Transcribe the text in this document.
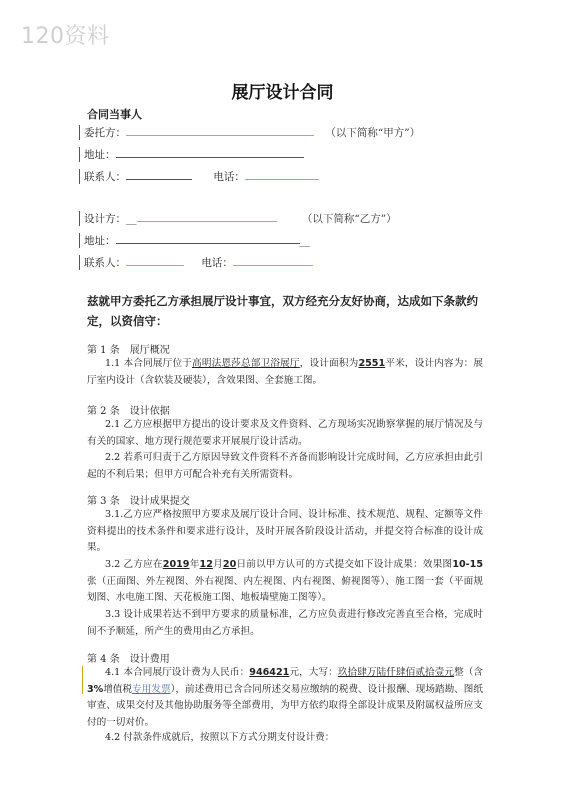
120资料
展厅设计合同
合同当事人
委托方：	（以下简称“甲方”）
地址：
联系人：	电话：
设计方：__	（以下简称“乙方”）
地址：	__
联系人：	电话：
兹就甲方委托乙方承担展厅设计事宜，双方经充分友好协商，达成如下条款约定，以资信守：
第 1 条　展厅概况
1.1 本合同展厅位于高明法恩莎总部卫浴展厅，设计面积为2551平米，设计内容为：展厅室内设计（含软装及硬装），含效果图、全套施工图。
第 2 条　设计依据
2.1 乙方应根据甲方提出的设计要求及文件资料、乙方现场实况勘察掌握的展厅情况及与有关的国家、地方现行规范要求开展展厅设计活动。
2.2 若系可归责于乙方原因导致文件资料不齐备而影响设计完成时间，乙方应承担由此引起的不利后果；但甲方可配合补充有关所需资料。
第 3 条　设计成果提交
3.1.乙方应严格按照甲方要求及展厅设计合同、设计标准、技术规范、规程、定额等文件资料提出的技术条件和要求进行设计，及时开展各阶段设计活动，并提交符合标准的设计成果。
3.2 乙方应在2019年12月20日前以甲方认可的方式提交如下设计成果：效果图10-15张（正面图、外左视图、外右视图、内左视图、内右视图、俯视图等）、施工图一套（平面规划图、水电施工图、天花板施工图、地板墙壁施工图等）。
3.3 设计成果若达不到甲方要求的质量标准，乙方应负责进行修改完善直至合格，完成时间不予顺延，所产生的费用由乙方承担。
第 4 条　设计费用
4.1 本合同展厅设计费为人民币：946421元，大写：玖拾肆万陆仟肆佰贰拾壹元整（含3%增值税专用发票），前述费用已含合同所述交易应缴纳的税费、设计报酬、现场踏勘、图纸审查、成果交付及其他协助服务等全部费用，为甲方依约取得全部设计成果及附属权益所应支付的一切对价。
4.2 付款条件成就后，按照以下方式分期支付设计费：
